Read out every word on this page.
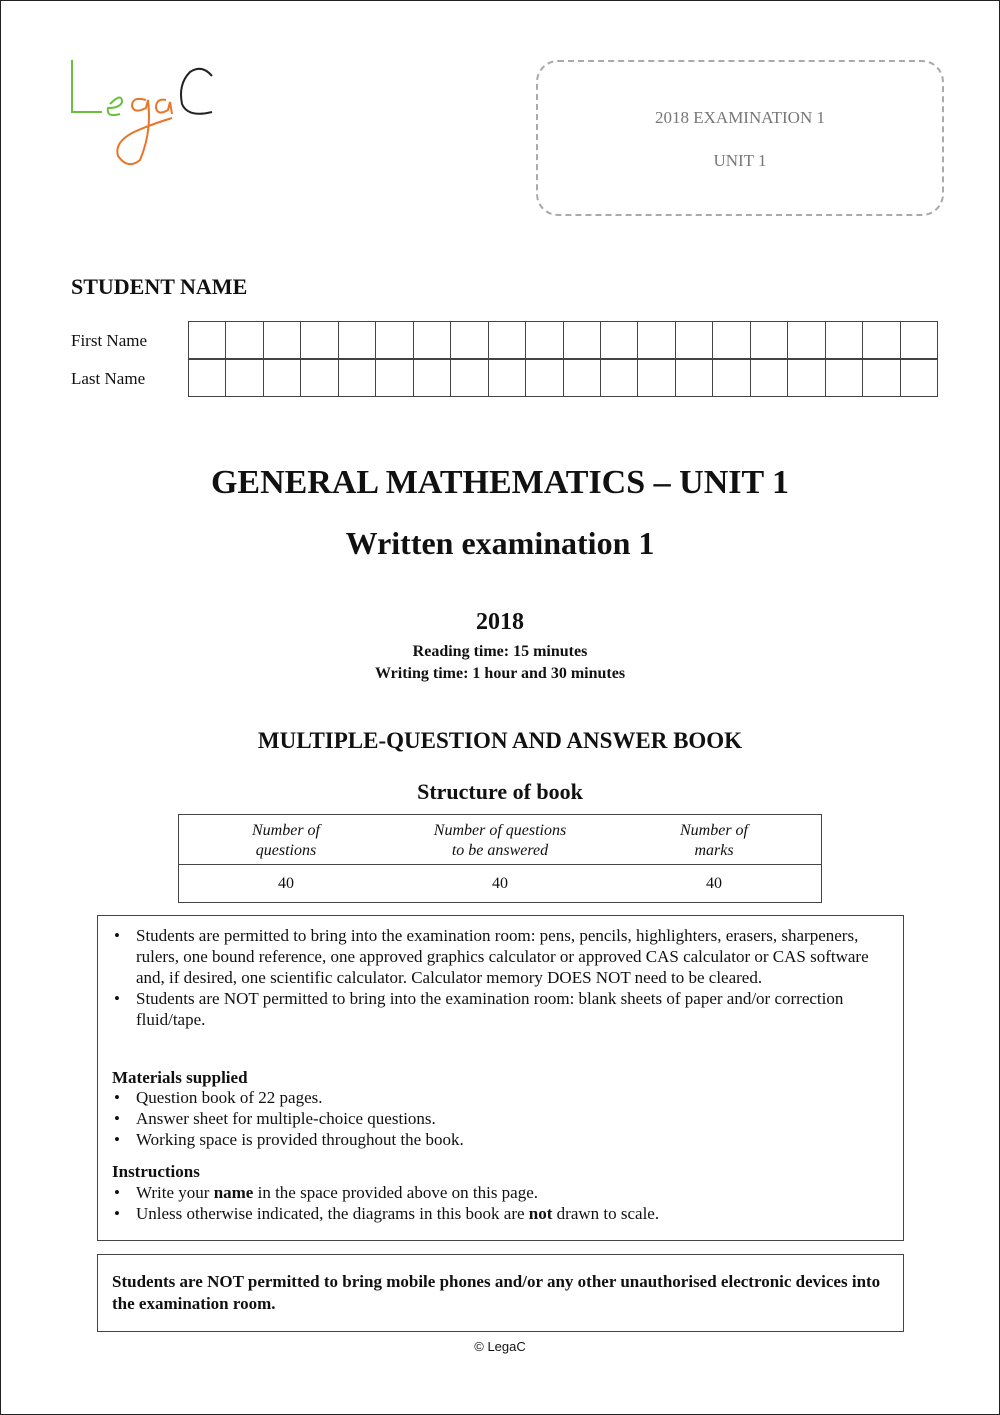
2018 EXAMINATION 1
UNIT 1
STUDENT NAME
First Name
Last Name
GENERAL MATHEMATICS – UNIT 1
Written examination 1
2018
Reading time: 15 minutes
Writing time: 1 hour and 30 minutes
MULTIPLE-QUESTION AND ANSWER BOOK
Structure of book
Number of
questions
Number of questions
to be answered
Number of
marks
40	40	40
• Students are permitted to bring into the examination room: pens, pencils, highlighters, erasers, sharpeners, rulers, one bound reference, one approved graphics calculator or approved CAS calculator or CAS software and, if desired, one scientific calculator. Calculator memory DOES NOT need to be cleared.
• Students are NOT permitted to bring into the examination room: blank sheets of paper and/or correction fluid/tape.
Materials supplied
• Question book of 22 pages.
• Answer sheet for multiple-choice questions.
• Working space is provided throughout the book.
Instructions
• Write your name in the space provided above on this page.
• Unless otherwise indicated, the diagrams in this book are not drawn to scale.
Students are NOT permitted to bring mobile phones and/or any other unauthorised electronic devices into the examination room.
© LegaC
